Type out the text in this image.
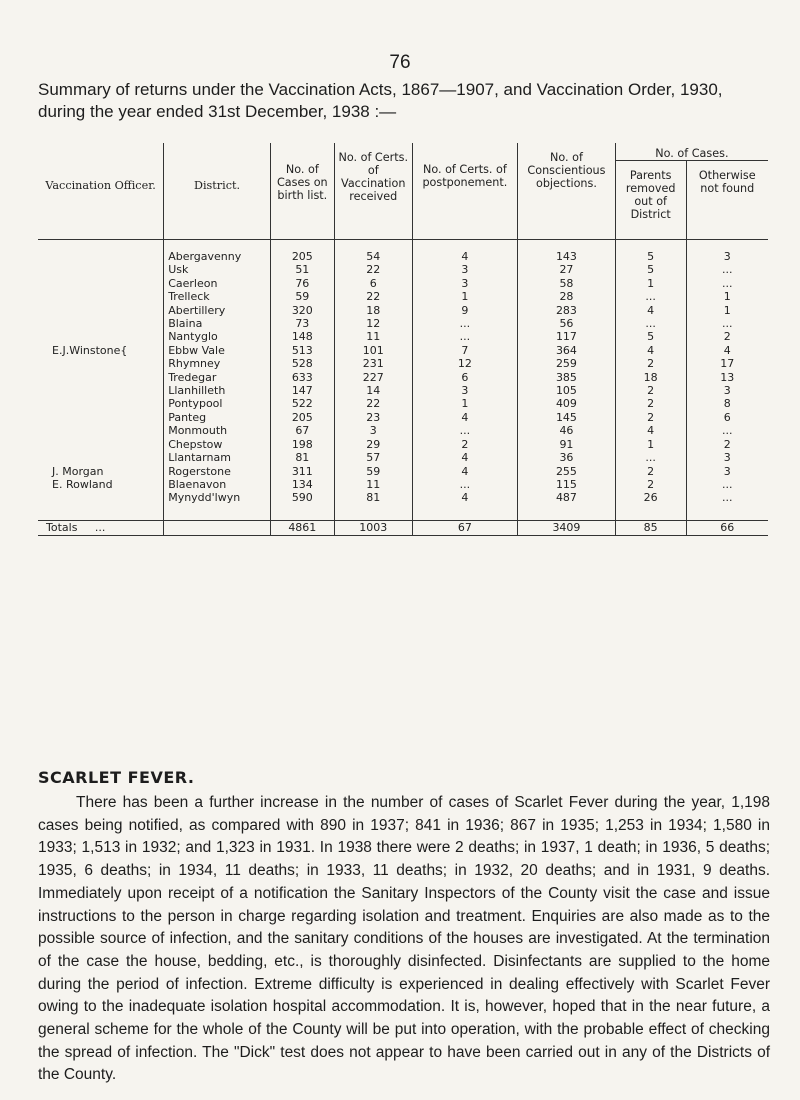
76
Summary of returns under the Vaccination Acts, 1867—1907, and Vaccination Order, 1930, during the year ended 31st December, 1938 :—
Vaccination Officer.	District.	No. of Cases on birth list.	No. of Certs. of Vaccination received	No. of Certs. of postponement.	No. of Conscientious objections.	No. of Cases.	

						Parents removed out of District	Otherwise not found

	Abergavenny	205	54	4	143	5	3
	Usk	51	22	3	27	5	...
	Caerleon	76	6	3	58	1	...
	Trelleck	59	22	1	28	...	1
	Abertillery	320	18	9	283	4	1
	Blaina	73	12	...	56	...	...
	Nantyglo	148	11	...	117	5	2

E.J.Winstone{	Ebbw Vale	513	101	7	364	4	4
	Rhymney	528	231	12	259	2	17
	Tredegar	633	227	6	385	18	13
	Llanhilleth	147	14	3	105	2	3
	Pontypool	522	22	1	409	2	8
	Panteg	205	23	4	145	2	6
	Monmouth	67	3	...	46	4	...
	Chepstow	198	29	2	91	1	2
	Llantarnam	81	57	4	36	...	3

J. Morgan	Rogerstone	311	59	4	255	2	3

E. Rowland	Blaenavon	134	11	...	115	2	...
	Mynydd'lwyn	590	81	4	487	26	...

Totals ...		4861	1003	67	3409	85	66
SCARLET FEVER.
There has been a further increase in the number of cases of Scarlet Fever during the year, 1,198 cases being notified, as compared with 890 in 1937; 841 in 1936; 867 in 1935; 1,253 in 1934; 1,580 in 1933; 1,513 in 1932; and 1,323 in 1931. In 1938 there were 2 deaths; in 1937, 1 death; in 1936, 5 deaths; 1935, 6 deaths; in 1934, 11 deaths; in 1933, 11 deaths; in 1932, 20 deaths; and in 1931, 9 deaths. Immediately upon receipt of a notification the Sanitary Inspectors of the County visit the case and issue instructions to the person in charge regarding isolation and treatment. Enquiries are also made as to the possible source of infection, and the sanitary conditions of the houses are investigated. At the termination of the case the house, bedding, etc., is thoroughly disinfected. Disinfectants are supplied to the home during the period of infection. Extreme difficulty is experienced in dealing effectively with Scarlet Fever owing to the inadequate isolation hospital accommodation. It is, however, hoped that in the near future, a general scheme for the whole of the County will be put into operation, with the probable effect of checking the spread of infection. The "Dick" test does not appear to have been carried out in any of the Districts of the County.
